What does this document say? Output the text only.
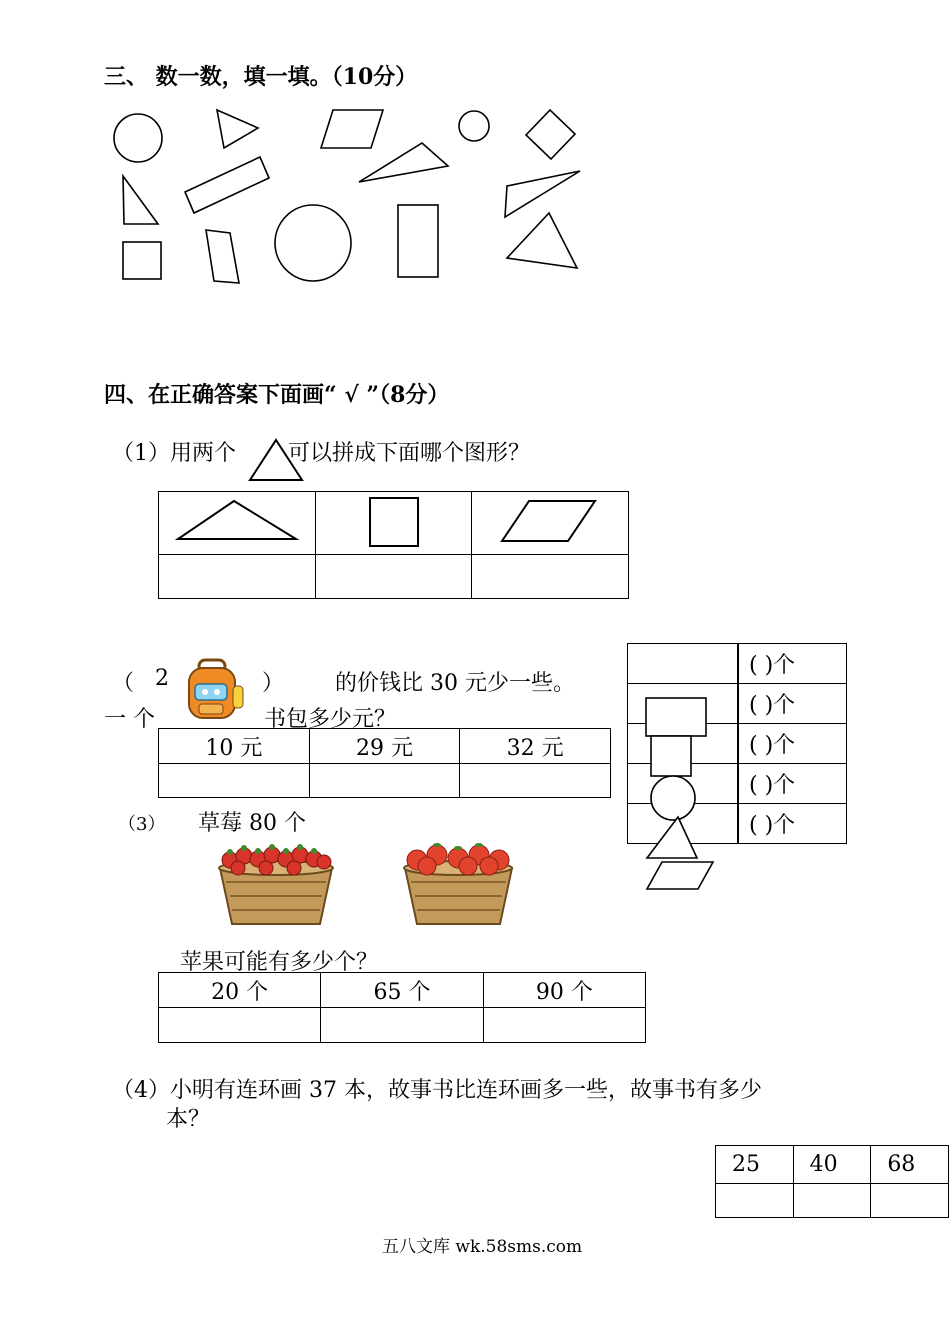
三、 数一数，填一填。（10分）
四、在正确答案下面画“ √ ”（8分）
（1）用两个 可以拼成下面哪个图形？

（ 2	） 的价钱比 30 元少一些。
一 个	书包多少元？
10 元	29 元	32 元

	( )个
	( )个
	( )个
	( )个
	( )个
（3） 草莓 80 个
苹果可能有多少个？
20 个	65 个	90 个

（4）小明有连环画 37 本，故事书比连环画多一些，故事书有多少
本？
25	40	68

五八文库 wk.58sms.com
